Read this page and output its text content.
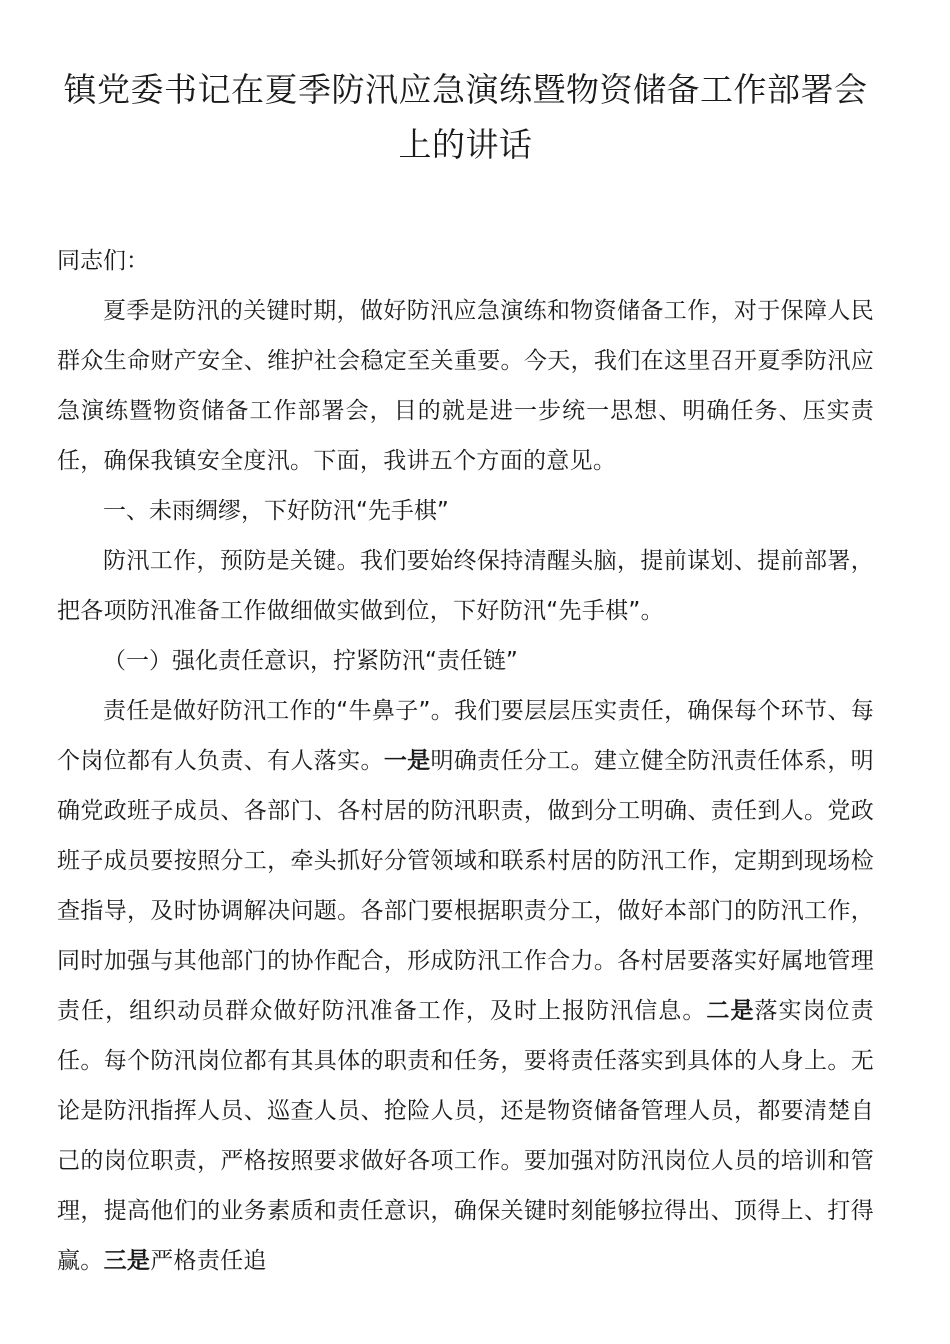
镇党委书记在夏季防汛应急演练暨物资储备工作部署会上的讲话

同志们：

夏季是防汛的关键时期，做好防汛应急演练和物资储备工作，对于保障人民群众生命财产安全、维护社会稳定至关重要。今天，我们在这里召开夏季防汛应急演练暨物资储备工作部署会，目的就是进一步统一思想、明确任务、压实责任，确保我镇安全度汛。下面，我讲五个方面的意见。

一、未雨绸缪，下好防汛“先手棋”

防汛工作，预防是关键。我们要始终保持清醒头脑，提前谋划、提前部署，把各项防汛准备工作做细做实做到位，下好防汛“先手棋”。

（一）强化责任意识，拧紧防汛“责任链”

责任是做好防汛工作的“牛鼻子”。我们要层层压实责任，确保每个环节、每个岗位都有人负责、有人落实。一是明确责任分工。建立健全防汛责任体系，明确党政班子成员、各部门、各村居的防汛职责，做到分工明确、责任到人。党政班子成员要按照分工，牵头抓好分管领域和联系村居的防汛工作，定期到现场检查指导，及时协调解决问题。各部门要根据职责分工，做好本部门的防汛工作，同时加强与其他部门的协作配合，形成防汛工作合力。各村居要落实好属地管理责任，组织动员群众做好防汛准备工作，及时上报防汛信息。二是落实岗位责任。每个防汛岗位都有其具体的职责和任务，要将责任落实到具体的人身上。无论是防汛指挥人员、巡查人员、抢险人员，还是物资储备管理人员，都要清楚自己的岗位职责，严格按照要求做好各项工作。要加强对防汛岗位人员的培训和管理，提高他们的业务素质和责任意识，确保关键时刻能够拉得出、顶得上、打得赢。三是严格责任追
